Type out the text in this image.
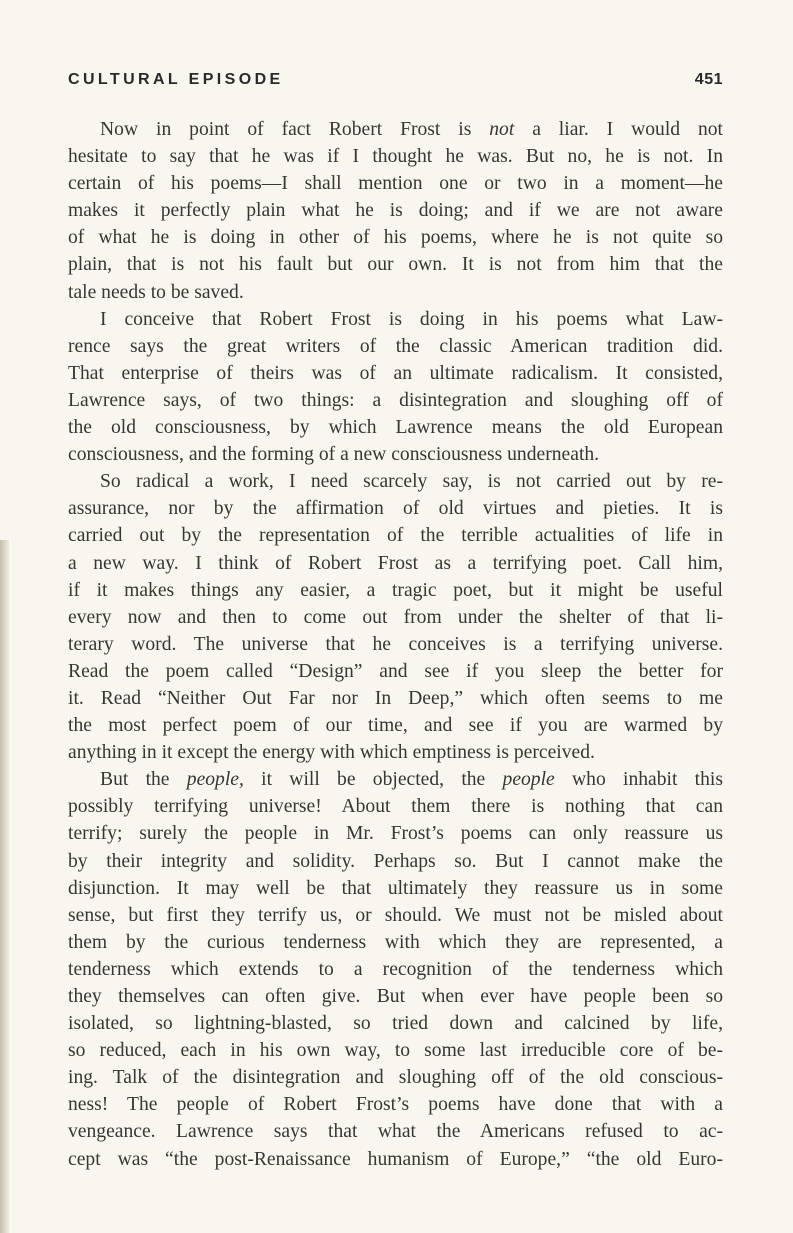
CULTURAL EPISODE	451
Now in point of fact Robert Frost is not a liar. I would not
hesitate to say that he was if I thought he was. But no, he is not. In
certain of his poems—I shall mention one or two in a moment—he
makes it perfectly plain what he is doing; and if we are not aware
of what he is doing in other of his poems, where he is not quite so
plain, that is not his fault but our own. It is not from him that the
tale needs to be saved.
I conceive that Robert Frost is doing in his poems what Law-
rence says the great writers of the classic American tradition did.
That enterprise of theirs was of an ultimate radicalism. It consisted,
Lawrence says, of two things: a disintegration and sloughing off of
the old consciousness, by which Lawrence means the old European
consciousness, and the forming of a new consciousness underneath.
So radical a work, I need scarcely say, is not carried out by re-
assurance, nor by the affirmation of old virtues and pieties. It is
carried out by the representation of the terrible actualities of life in
a new way. I think of Robert Frost as a terrifying poet. Call him,
if it makes things any easier, a tragic poet, but it might be useful
every now and then to come out from under the shelter of that li-
terary word. The universe that he conceives is a terrifying universe.
Read the poem called “Design” and see if you sleep the better for
it. Read “Neither Out Far nor In Deep,” which often seems to me
the most perfect poem of our time, and see if you are warmed by
anything in it except the energy with which emptiness is perceived.
But the people, it will be objected, the people who inhabit this
possibly terrifying universe! About them there is nothing that can
terrify; surely the people in Mr. Frost’s poems can only reassure us
by their integrity and solidity. Perhaps so. But I cannot make the
disjunction. It may well be that ultimately they reassure us in some
sense, but first they terrify us, or should. We must not be misled about
them by the curious tenderness with which they are represented, a
tenderness which extends to a recognition of the tenderness which
they themselves can often give. But when ever have people been so
isolated, so lightning-blasted, so tried down and calcined by life,
so reduced, each in his own way, to some last irreducible core of be-
ing. Talk of the disintegration and sloughing off of the old conscious-
ness! The people of Robert Frost’s poems have done that with a
vengeance. Lawrence says that what the Americans refused to ac-
cept was “the post-Renaissance humanism of Europe,” “the old Euro-
